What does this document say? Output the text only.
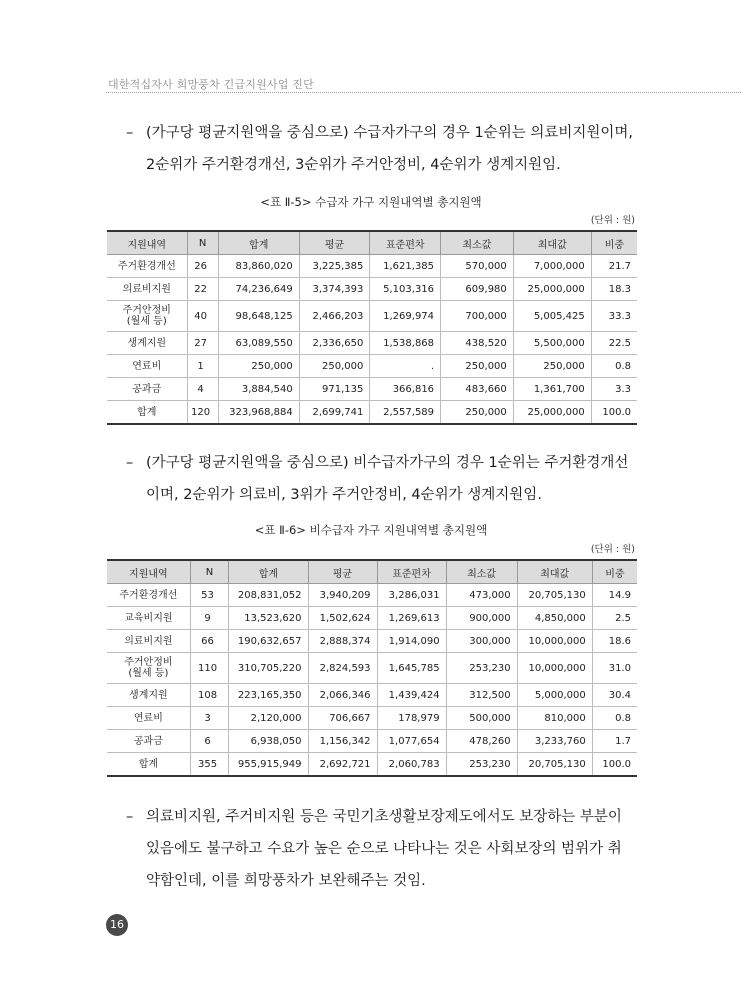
대한적십자사 희망풍차 긴급지원사업 진단
– (가구당 평균지원액을 중심으로) 수급자가구의 경우 1순위는 의료비지원이며,
2순위가 주거환경개선, 3순위가 주거안정비, 4순위가 생계지원임.
<표 Ⅱ-5> 수급자 가구 지원내역별 총지원액
(단위 : 원)
지원내역	N	합계	평균	표준편차	최소값	최대값	비중
주거환경개선	26	83,860,020	3,225,385	1,621,385	570,000	7,000,000	21.7
의료비지원	22	74,236,649	3,374,393	5,103,316	609,980	25,000,000	18.3
주거안정비
(월세 등)	40	98,648,125	2,466,203	1,269,974	700,000	5,005,425	33.3
생계지원	27	63,089,550	2,336,650	1,538,868	438,520	5,500,000	22.5
연료비	1	250,000	250,000	.	250,000	250,000	0.8
공과금	4	3,884,540	971,135	366,816	483,660	1,361,700	3.3
합계	120	323,968,884	2,699,741	2,557,589	250,000	25,000,000	100.0
– (가구당 평균지원액을 중심으로) 비수급자가구의 경우 1순위는 주거환경개선
이며, 2순위가 의료비, 3위가 주거안정비, 4순위가 생계지원임.
<표 Ⅱ-6> 비수급자 가구 지원내역별 총지원액
(단위 : 원)
지원내역	N	합계	평균	표준편차	최소값	최대값	비중
주거환경개선	53	208,831,052	3,940,209	3,286,031	473,000	20,705,130	14.9
교육비지원	9	13,523,620	1,502,624	1,269,613	900,000	4,850,000	2.5
의료비지원	66	190,632,657	2,888,374	1,914,090	300,000	10,000,000	18.6
주거안정비
(월세 등)	110	310,705,220	2,824,593	1,645,785	253,230	10,000,000	31.0
생계지원	108	223,165,350	2,066,346	1,439,424	312,500	5,000,000	30.4
연료비	3	2,120,000	706,667	178,979	500,000	810,000	0.8
공과금	6	6,938,050	1,156,342	1,077,654	478,260	3,233,760	1.7
합계	355	955,915,949	2,692,721	2,060,783	253,230	20,705,130	100.0
– 의료비지원, 주거비지원 등은 국민기초생활보장제도에서도 보장하는 부분이
있음에도 불구하고 수요가 높은 순으로 나타나는 것은 사회보장의 범위가 취
약함인데, 이를 희망풍차가 보완해주는 것임.
16
